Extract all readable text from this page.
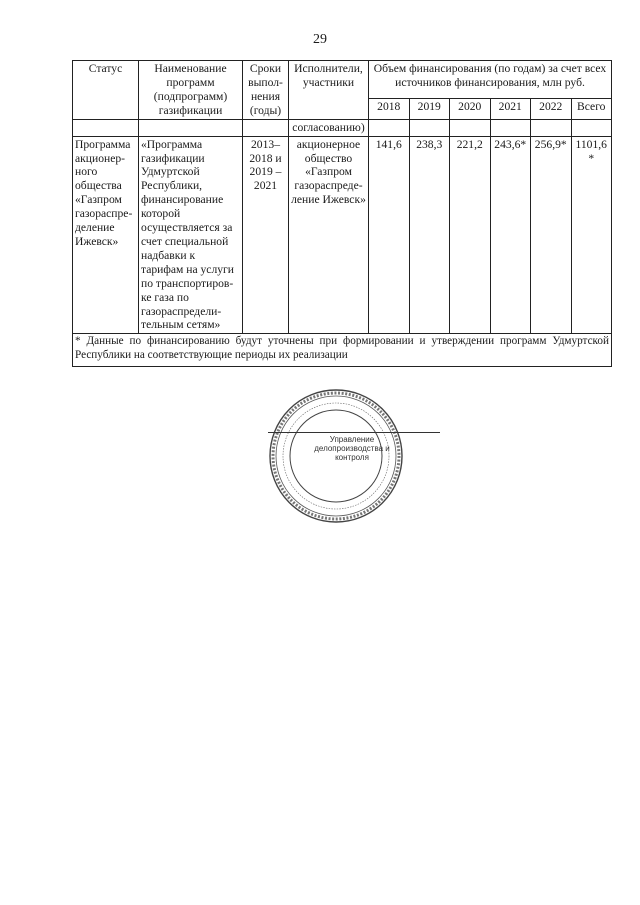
29
Статус	Наименование программ (подпрограмм) газификации	Сроки выпол- нения (годы)	Исполнители, участники	Объем финансирования (по годам) за счет всех источников финансирования, млн руб.					
				2018	2019	2020	2021	2022	Всего
			согласованию)						
Программа акционер- ного общества «Газпром газораспре- деление Ижевск»	«Программа газификации Удмуртской Республики, финансирование которой осуществляется за счет специальной надбавки к тарифам на услуги по транспортиров- ке газа по газораспредели- тельным сетям»	2013– 2018 и 2019 – 2021	акционерное общество «Газпром газораспреде- ление Ижевск»	141,6	238,3	221,2	243,6*	256,9*	1101,6 *
* Данные по финансированию будут уточнены при формировании и утверждении программ Удмуртской Республики на соответствующие периоды их реализации									
Управление делопроизводства и контроля
